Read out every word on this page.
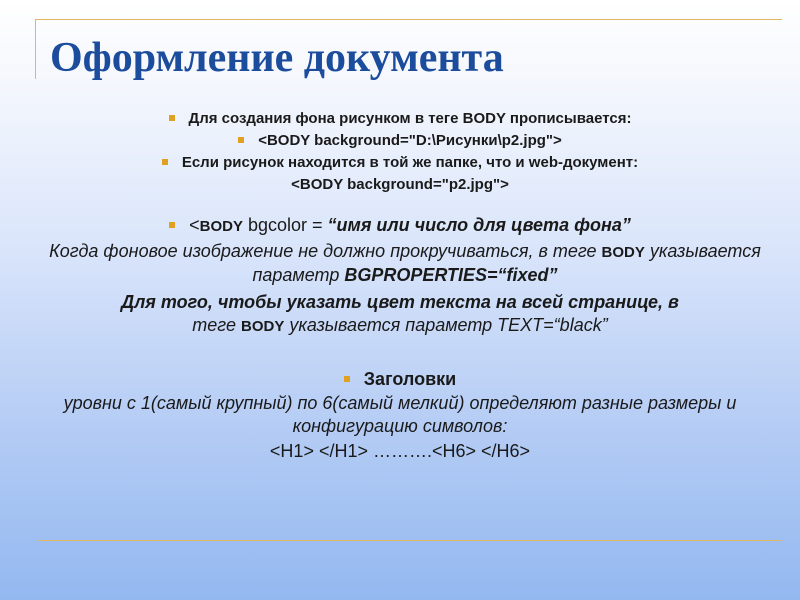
Оформление документа
Для создания фона рисунком в теге BODY прописывается:
<BODY background="D:\Рисунки\p2.jpg">
Если рисунок находится в той же папке, что и web-документ:
<BODY background="p2.jpg">
<BODY bgcolor = “имя или число для цвета фона”
Когда фоновое изображение не должно прокручиваться, в теге BODY указывается параметр BGPROPERTIES=“fixed”
Для того, чтобы указать цвет текста на всей странице, в
теге BODY указывается параметр TEXT=“black”
Заголовки
уровни с 1(самый крупный) по 6(самый мелкий) определяют разные размеры и конфигурацию символов:
<H1> </H1> ……….<H6> </H6>
